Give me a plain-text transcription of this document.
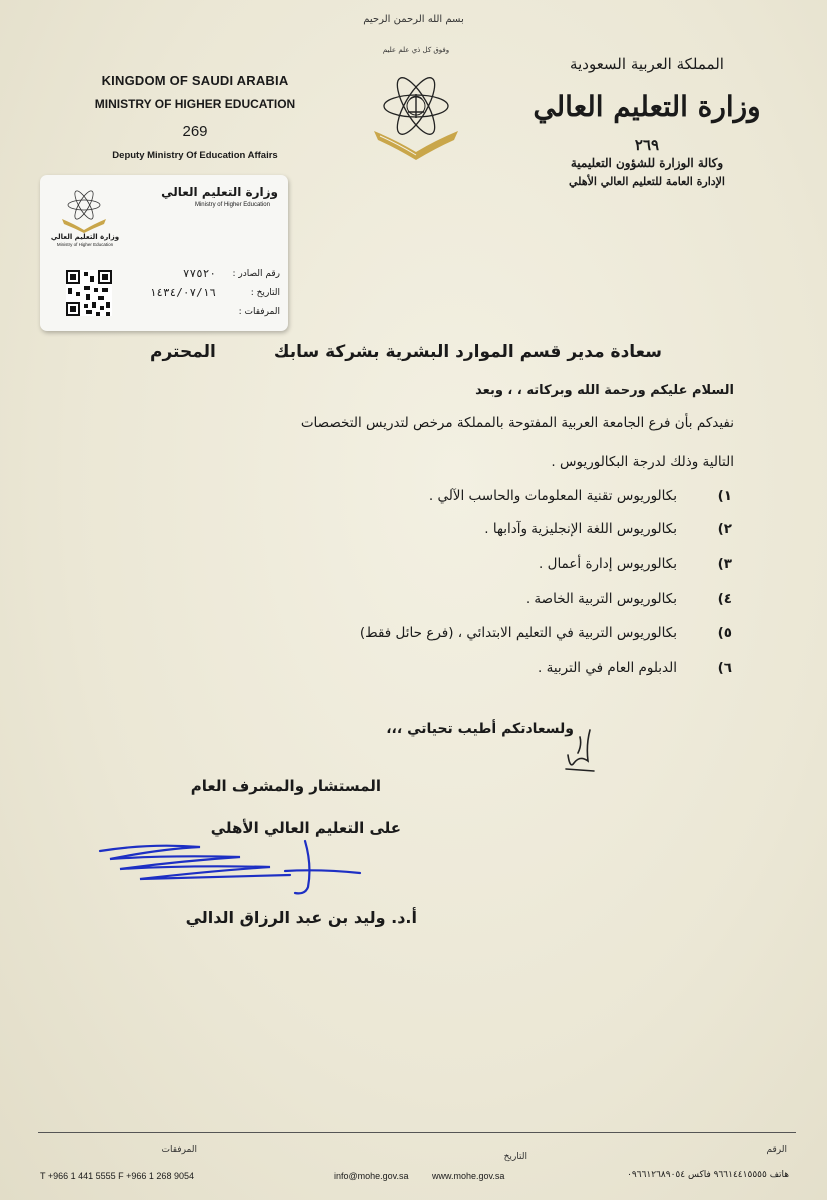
بسم الله الرحمن الرحيم
KINGDOM OF SAUDI ARABIA
MINISTRY OF HIGHER EDUCATION
269
Deputy Ministry Of Education Affairs
المملكة العربية السعودية
وزارة التعليم العالي
٢٦٩
وكالة الوزارة للشؤون التعليمية
الإدارة العامة للتعليم العالي الأهلي
وفوق كل ذي علم عليم
وزارة التعليم العالي
Ministry of Higher Education
وزارة التعليم العالي
Ministry of Higher Education
رقم الصادر :
٧٧٥٢٠
التاريخ :
١٤٣٤/٠٧/١٦
المرفقات :
سعادة مدير قسم الموارد البشرية بشركة سابك
المحترم
السلام عليكم ورحمة الله وبركاته ، ، وبعد
نفيدكم بأن فرع الجامعة العربية المفتوحة بالمملكة مرخص لتدريس التخصصات
التالية وذلك لدرجة البكالوريوس .
١)
بكالوريوس تقنية المعلومات والحاسب الآلي .
٢)
بكالوريوس اللغة الإنجليزية وآدابها .
٣)
بكالوريوس إدارة أعمال .
٤)
بكالوريوس التربية الخاصة .
٥)
بكالوريوس التربية في التعليم الابتدائي ، (فرع حائل فقط)
٦)
الدبلوم العام في التربية .
ولسعادتكم أطيب تحياتي ،،،
المستشار والمشرف العام
على التعليم العالي الأهلي
أ.د. وليد بن عبد الرزاق الدالي
الرقم
التاريخ
المرفقات
هاتف ٩٦٦١٤٤١٥٥٥٥ فاكس ٠٩٦٦١٢٦٨٩٠٥٤
www.mohe.gov.sa
info@mohe.gov.sa
T +966 1 441 5555 F +966 1 268 9054
